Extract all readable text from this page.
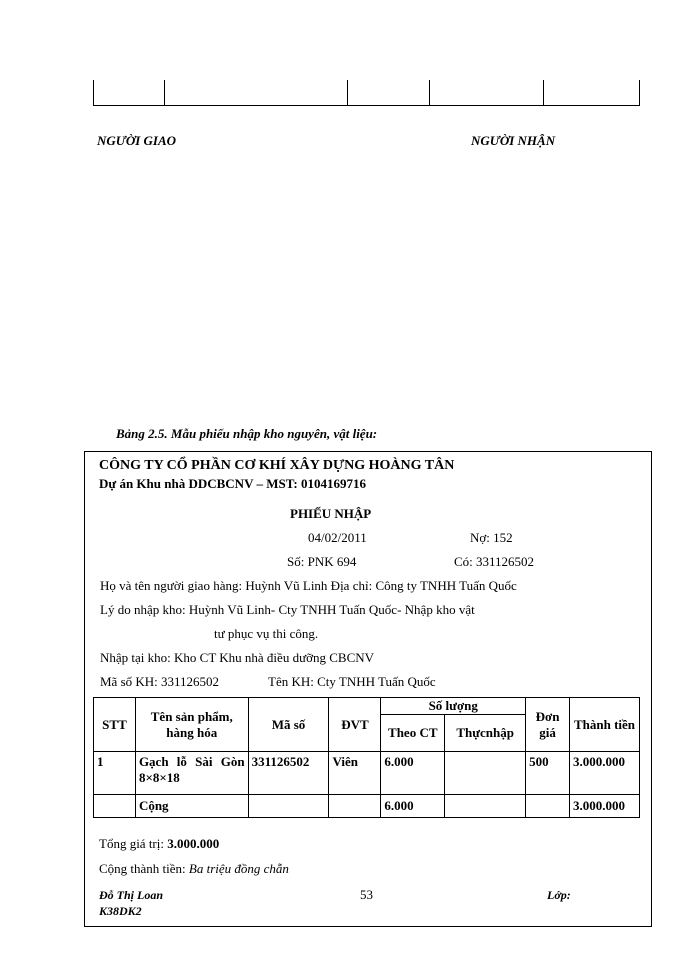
NGƯỜI GIAO	NGƯỜI NHẬN
Bảng 2.5. Mẫu phiếu nhập kho nguyên, vật liệu:
CÔNG TY CỔ PHẦN CƠ KHÍ XÂY DỰNG HOÀNG TÂN
Dự án Khu nhà DDCBCNV – MST: 0104169716
PHIẾU NHẬP
04/02/2011	Nợ: 152
Số: PNK 694	Có: 331126502
Họ và tên người giao hàng: Huỳnh Vũ Linh Địa chỉ: Công ty TNHH Tuấn Quốc
Lý do nhập kho: Huỳnh Vũ Linh- Cty TNHH Tuấn Quốc- Nhập kho vật
tư phục vụ thi công.
Nhập tại kho: Kho CT Khu nhà điều dưỡng CBCNV
Mã số KH: 331126502	Tên KH: Cty TNHH Tuấn Quốc
STT	Tên sản phẩm, hàng hóa	Mã số	ĐVT	Số lượng		Đơn giá	Thành tiền
				Theo CT	Thựcnhập		
1	Gạch lỗ Sài Gòn 8×8×18	331126502	Viên	6.000		500	3.000.000
	Cộng			6.000			3.000.000
Tổng giá trị: 3.000.000
Cộng thành tiền: Ba triệu đồng chẵn
Đỗ Thị Loan
K38DK2
53	Lớp:
